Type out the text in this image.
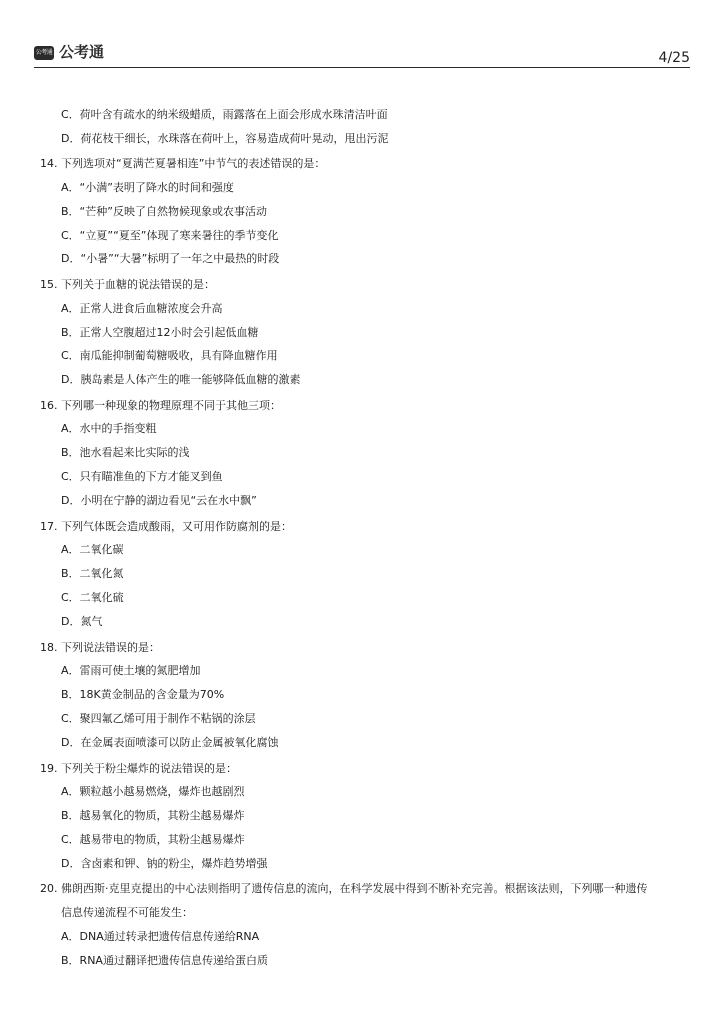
公考通 公考通	4/25
C．荷叶含有疏水的纳米级蜡质，雨露落在上面会形成水珠清洁叶面
D．荷花枝干细长，水珠落在荷叶上，容易造成荷叶晃动，甩出污泥
14. 下列选项对“夏满芒夏暑相连”中节气的表述错误的是：
A．“小满”表明了降水的时间和强度
B．“芒种”反映了自然物候现象或农事活动
C．“立夏”“夏至”体现了寒来暑往的季节变化
D．“小暑”“大暑”标明了一年之中最热的时段
15. 下列关于血糖的说法错误的是：
A．正常人进食后血糖浓度会升高
B．正常人空腹超过12小时会引起低血糖
C．南瓜能抑制葡萄糖吸收，具有降血糖作用
D．胰岛素是人体产生的唯一能够降低血糖的激素
16. 下列哪一种现象的物理原理不同于其他三项：
A．水中的手指变粗
B．池水看起来比实际的浅
C．只有瞄准鱼的下方才能叉到鱼
D．小明在宁静的湖边看见“云在水中飘”
17. 下列气体既会造成酸雨，又可用作防腐剂的是：
A．二氧化碳
B．二氧化氮
C．二氧化硫
D．氮气
18. 下列说法错误的是：
A．雷雨可使土壤的氮肥增加
B．18K黄金制品的含金量为70%
C．聚四氟乙烯可用于制作不粘锅的涂层
D．在金属表面喷漆可以防止金属被氧化腐蚀
19. 下列关于粉尘爆炸的说法错误的是：
A．颗粒越小越易燃烧，爆炸也越剧烈
B．越易氧化的物质，其粉尘越易爆炸
C．越易带电的物质，其粉尘越易爆炸
D．含卤素和钾、钠的粉尘，爆炸趋势增强
20. 佛朗西斯·克里克提出的中心法则指明了遗传信息的流向，在科学发展中得到不断补充完善。根据该法则，下列哪一种遗传
信息传递流程不可能发生：
A．DNA通过转录把遗传信息传递给RNA
B．RNA通过翻译把遗传信息传递给蛋白质
